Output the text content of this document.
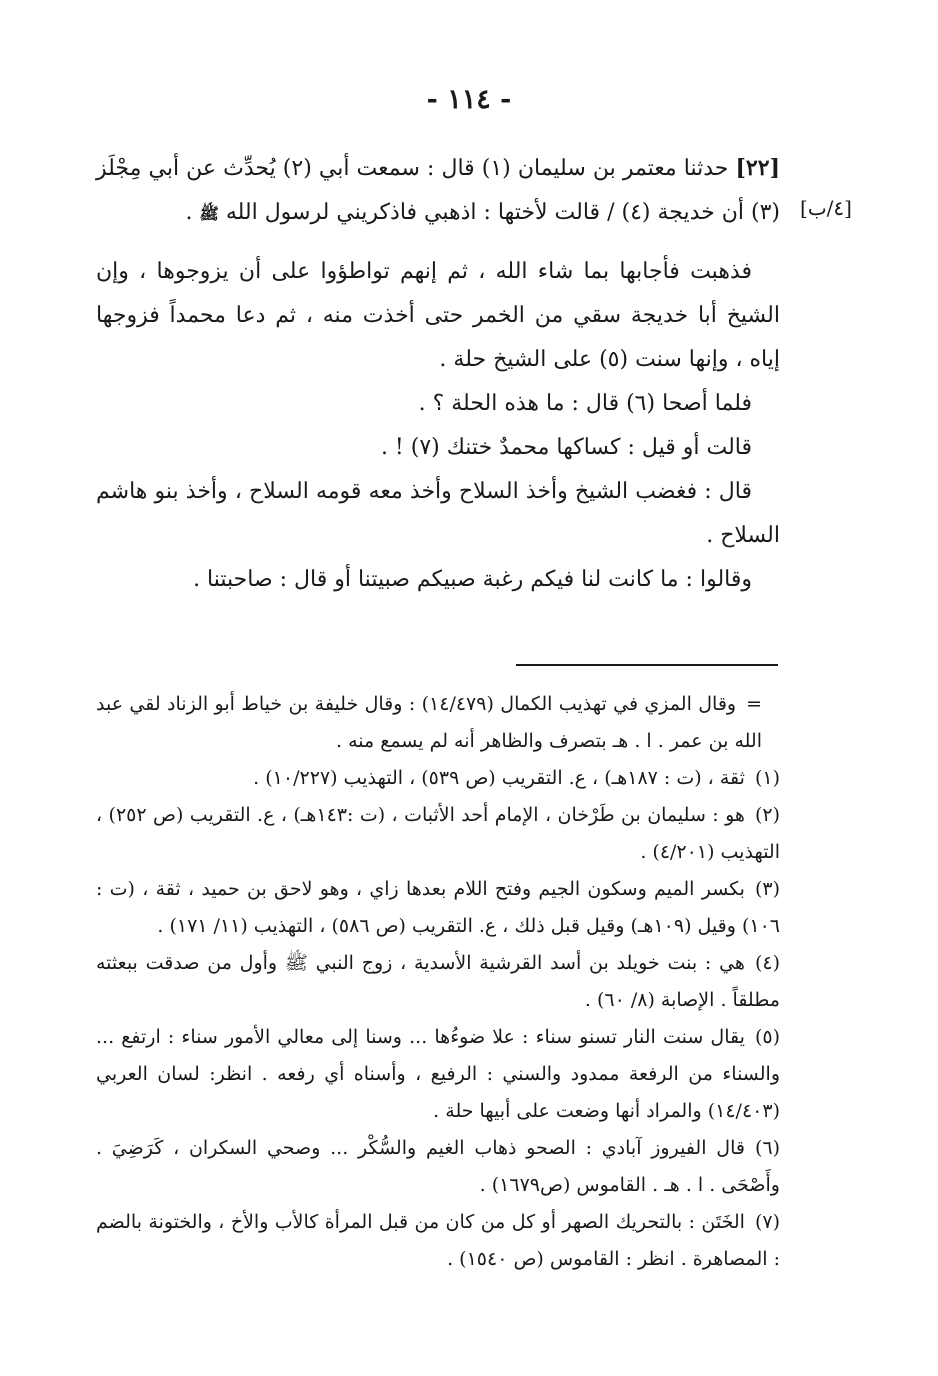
- ١١٤ -
[٤/ب]

[٢٢] حدثنا معتمر بن سليمان (١) قال : سمعت أبي (٢) يُحدِّث عن أبي مِجْلَز (٣) أن خديجة (٤) / قالت لأختها : اذهبي فاذكريني لرسول الله ﷺ .

فذهبت فأجابها بما شاء الله ، ثم إنهم تواطؤوا على أن يزوجوها ، وإن الشيخ أبا خديجة سقي من الخمر حتى أخذت منه ، ثم دعا محمداً فزوجها إياه ، وإنها سنت (٥) على الشيخ حلة .

فلما أصحا (٦) قال : ما هذه الحلة ؟ .

قالت أو قيل : كساكها محمدٌ ختنك (٧) ! .

قال : فغضب الشيخ وأخذ السلاح وأخذ معه قومه السلاح ، وأخذ بنو هاشم السلاح .

وقالوا : ما كانت لنا فيكم رغبة صبيكم صبيتنا أو قال : صاحبتنا .

=وقال المزي في تهذيب الكمال (١٤/٤٧٩) : وقال خليفة بن خياط أبو الزناد لقي عبد الله بن عمر . ا . هـ بتصرف والظاهر أنه لم يسمع منه .

(١)ثقة ، (ت : ١٨٧هـ) ، ع. التقريب (ص ٥٣٩) ، التهذيب (١٠/٢٢٧) .

(٢)هو : سليمان بن طَرْخان ، الإمام أحد الأثبات ، (ت :١٤٣هـ) ، ع. التقريب (ص ٢٥٢) ، التهذيب (٤/٢٠١) .

(٣)بكسر الميم وسكون الجيم وفتح اللام بعدها زاي ، وهو لاحق بن حميد ، ثقة ، (ت : ١٠٦) وقيل (١٠٩هـ) وقيل قبل ذلك ، ع. التقريب (ص ٥٨٦) ، التهذيب (١١/ ١٧١) .

(٤)هي : بنت خويلد بن أسد القرشية الأسدية ، زوج النبي ﷺ وأول من صدقت ببعثته مطلقاً . الإصابة (٨/ ٦٠) .

(٥)يقال سنت النار تسنو سناء : علا ضوءُها ... وسنا إلى معالي الأمور سناء : ارتفع ... والسناء من الرفعة ممدود والسني : الرفيع ، وأسناه أي رفعه . انظر: لسان العربي (١٤/٤٠٣) والمراد أنها وضعت على أبيها حلة .

(٦)قال الفيروز آبادي : الصحو ذهاب الغيم والسُّكْر ... وصحي السكران ، كَرَضِيَ . وأَصْحَى . ا . هـ . القاموس (ص١٦٧٩) .

(٧)الخَتَن : بالتحريك الصهر أو كل من كان من قبل المرأة كالأب والأخ ، والختونة بالضم : المصاهرة . انظر : القاموس (ص ١٥٤٠) .
